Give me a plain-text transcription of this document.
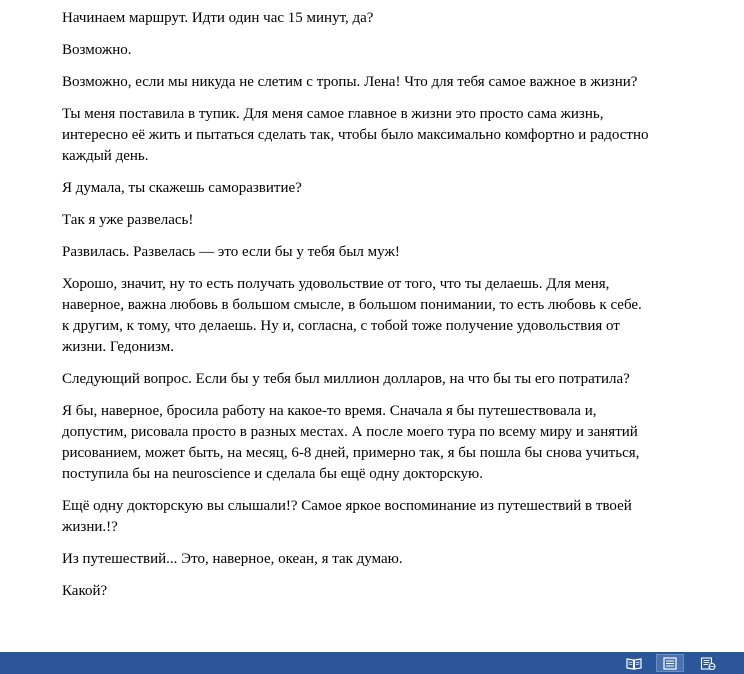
Начинаем маршрут. Идти один час 15 минут, да?

Возможно.

Возможно, если мы никуда не слетим с тропы. Лена! Что для тебя самое важное в жизни?

Ты меня поставила в тупик. Для меня самое главное в жизни это просто сама жизнь, интересно её жить и пытаться сделать так, чтобы было максимально комфортно и радостно каждый день.

Я думала, ты скажешь саморазвитие?

Так я уже развелась!

Развилась. Развелась — это если бы у тебя был муж!

Хорошо, значит, ну то есть получать удовольствие от того, что ты делаешь. Для меня, наверное, важна любовь в большом смысле, в большом понимании, то есть любовь к себе. к другим, к тому, что делаешь. Ну и, согласна, с тобой тоже получение удовольствия от жизни. Гедонизм.

Следующий вопрос. Если бы у тебя был миллион долларов, на что бы ты его потратила?

Я бы, наверное, бросила работу на какое-то время. Сначала я бы путешествовала и, допустим, рисовала просто в разных местах. А после моего тура по всему миру и занятий рисованием, может быть, на месяц, 6-8 дней, примерно так, я бы пошла бы снова учиться, поступила бы на neuroscience и сделала бы ещё одну докторскую.

Ещё одну докторскую вы слышали!? Самое яркое воспоминание из путешествий в твоей жизни.!?

Из путешествий... Это, наверное, океан, я так думаю.

Какой?
